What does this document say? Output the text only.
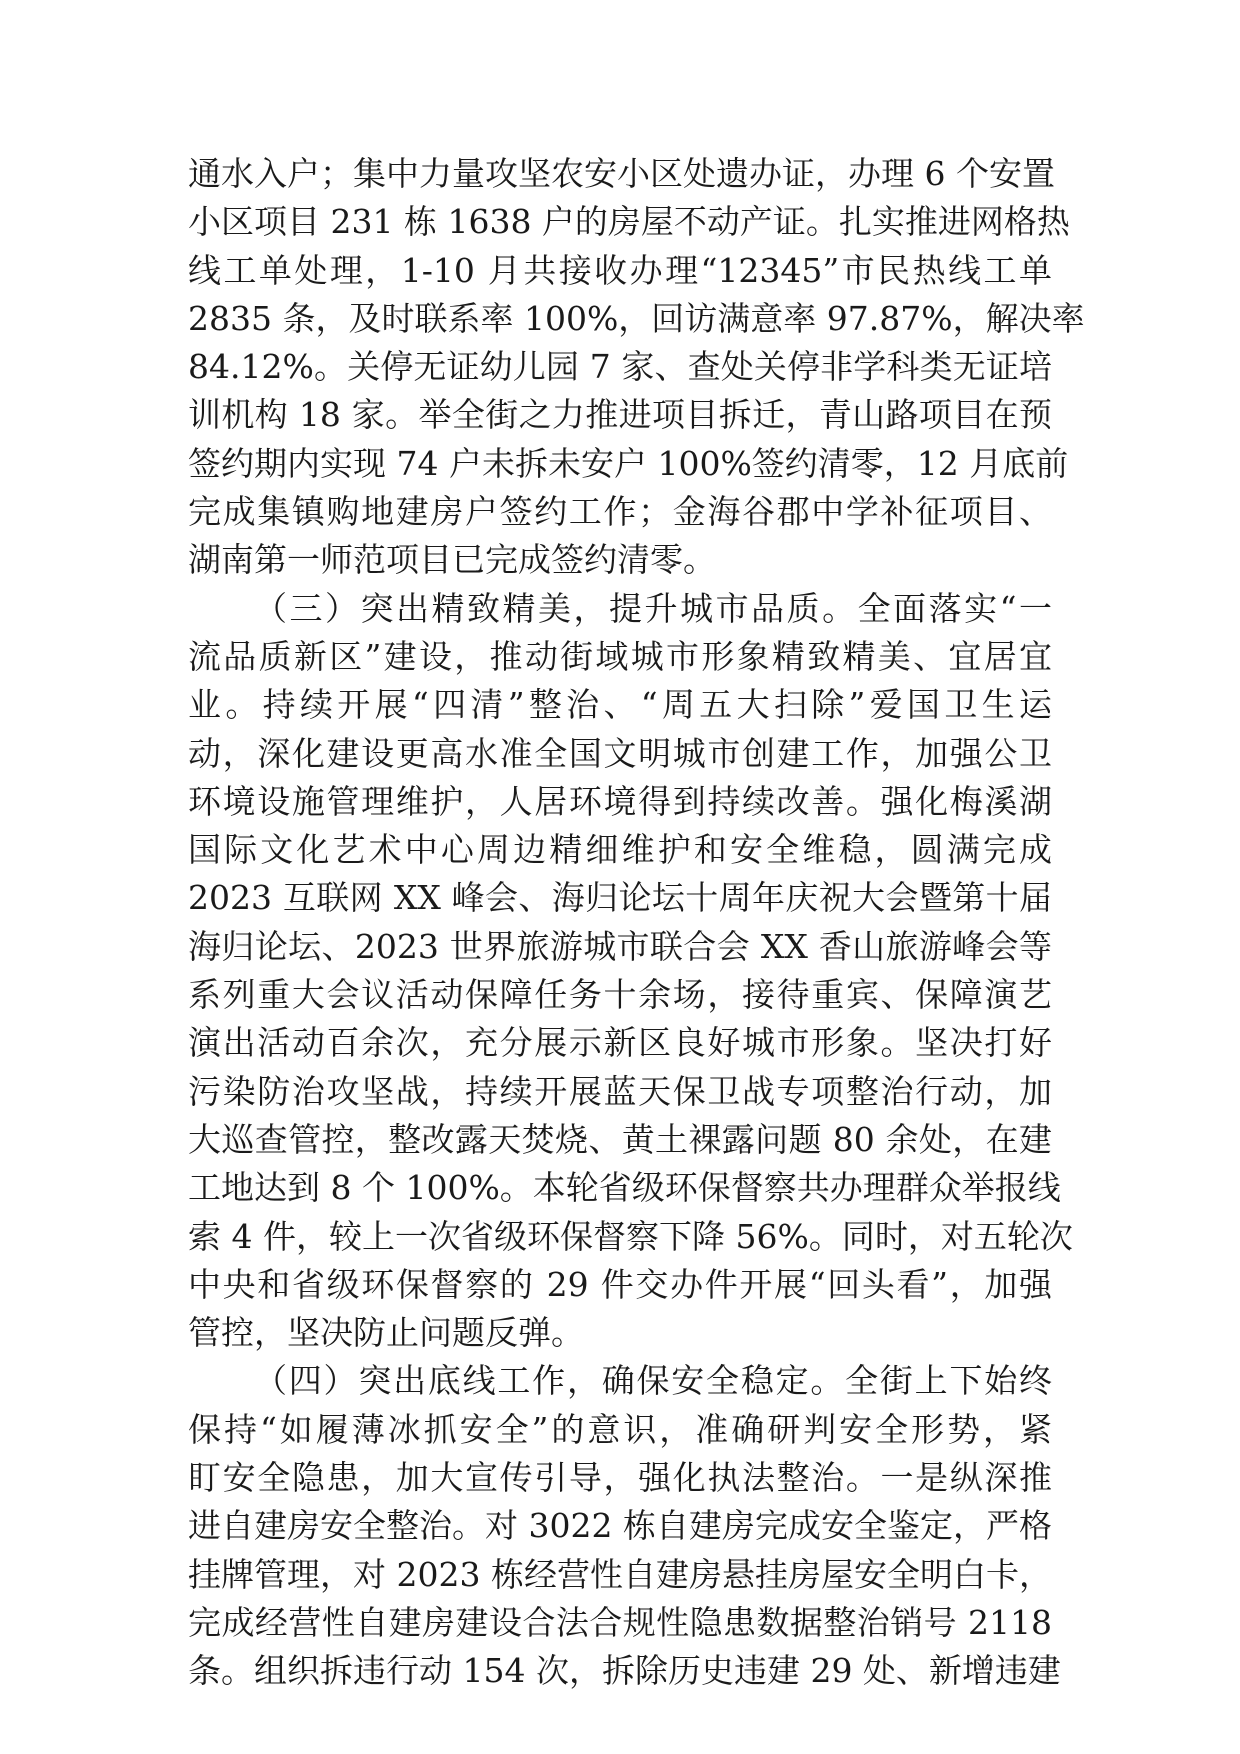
通水入户；集中力量攻坚农安小区处遗办证，办理 6 个安置
小区项目 231 栋 1638 户的房屋不动产证。扎实推进网格热
线工单处理，1-10 月共接收办理“12345”市民热线工单
2835 条，及时联系率 100%，回访满意率 97.87%，解决率
84.12%。关停无证幼儿园 7 家、查处关停非学科类无证培
训机构 18 家。举全街之力推进项目拆迁，青山路项目在预
签约期内实现 74 户未拆未安户 100%签约清零，12 月底前
完成集镇购地建房户签约工作；金海谷郡中学补征项目、
湖南第一师范项目已完成签约清零。
（三）突出精致精美，提升城市品质。全面落实“一
流品质新区”建设，推动街域城市形象精致精美、宜居宜
业。持续开展“四清”整治、“周五大扫除”爱国卫生运
动，深化建设更高水准全国文明城市创建工作，加强公卫
环境设施管理维护，人居环境得到持续改善。强化梅溪湖
国际文化艺术中心周边精细维护和安全维稳，圆满完成
2023 互联网 XX 峰会、海归论坛十周年庆祝大会暨第十届
海归论坛、2023 世界旅游城市联合会 XX 香山旅游峰会等
系列重大会议活动保障任务十余场，接待重宾、保障演艺
演出活动百余次，充分展示新区良好城市形象。坚决打好
污染防治攻坚战，持续开展蓝天保卫战专项整治行动，加
大巡查管控，整改露天焚烧、黄土裸露问题 80 余处，在建
工地达到 8 个 100%。本轮省级环保督察共办理群众举报线
索 4 件，较上一次省级环保督察下降 56%。同时，对五轮次
中央和省级环保督察的 29 件交办件开展“回头看”，加强
管控，坚决防止问题反弹。
（四）突出底线工作，确保安全稳定。全街上下始终
保持“如履薄冰抓安全”的意识，准确研判安全形势，紧
盯安全隐患，加大宣传引导，强化执法整治。一是纵深推
进自建房安全整治。对 3022 栋自建房完成安全鉴定，严格
挂牌管理，对 2023 栋经营性自建房悬挂房屋安全明白卡，
完成经营性自建房建设合法合规性隐患数据整治销号 2118
条。组织拆违行动 154 次，拆除历史违建 29 处、新增违建
